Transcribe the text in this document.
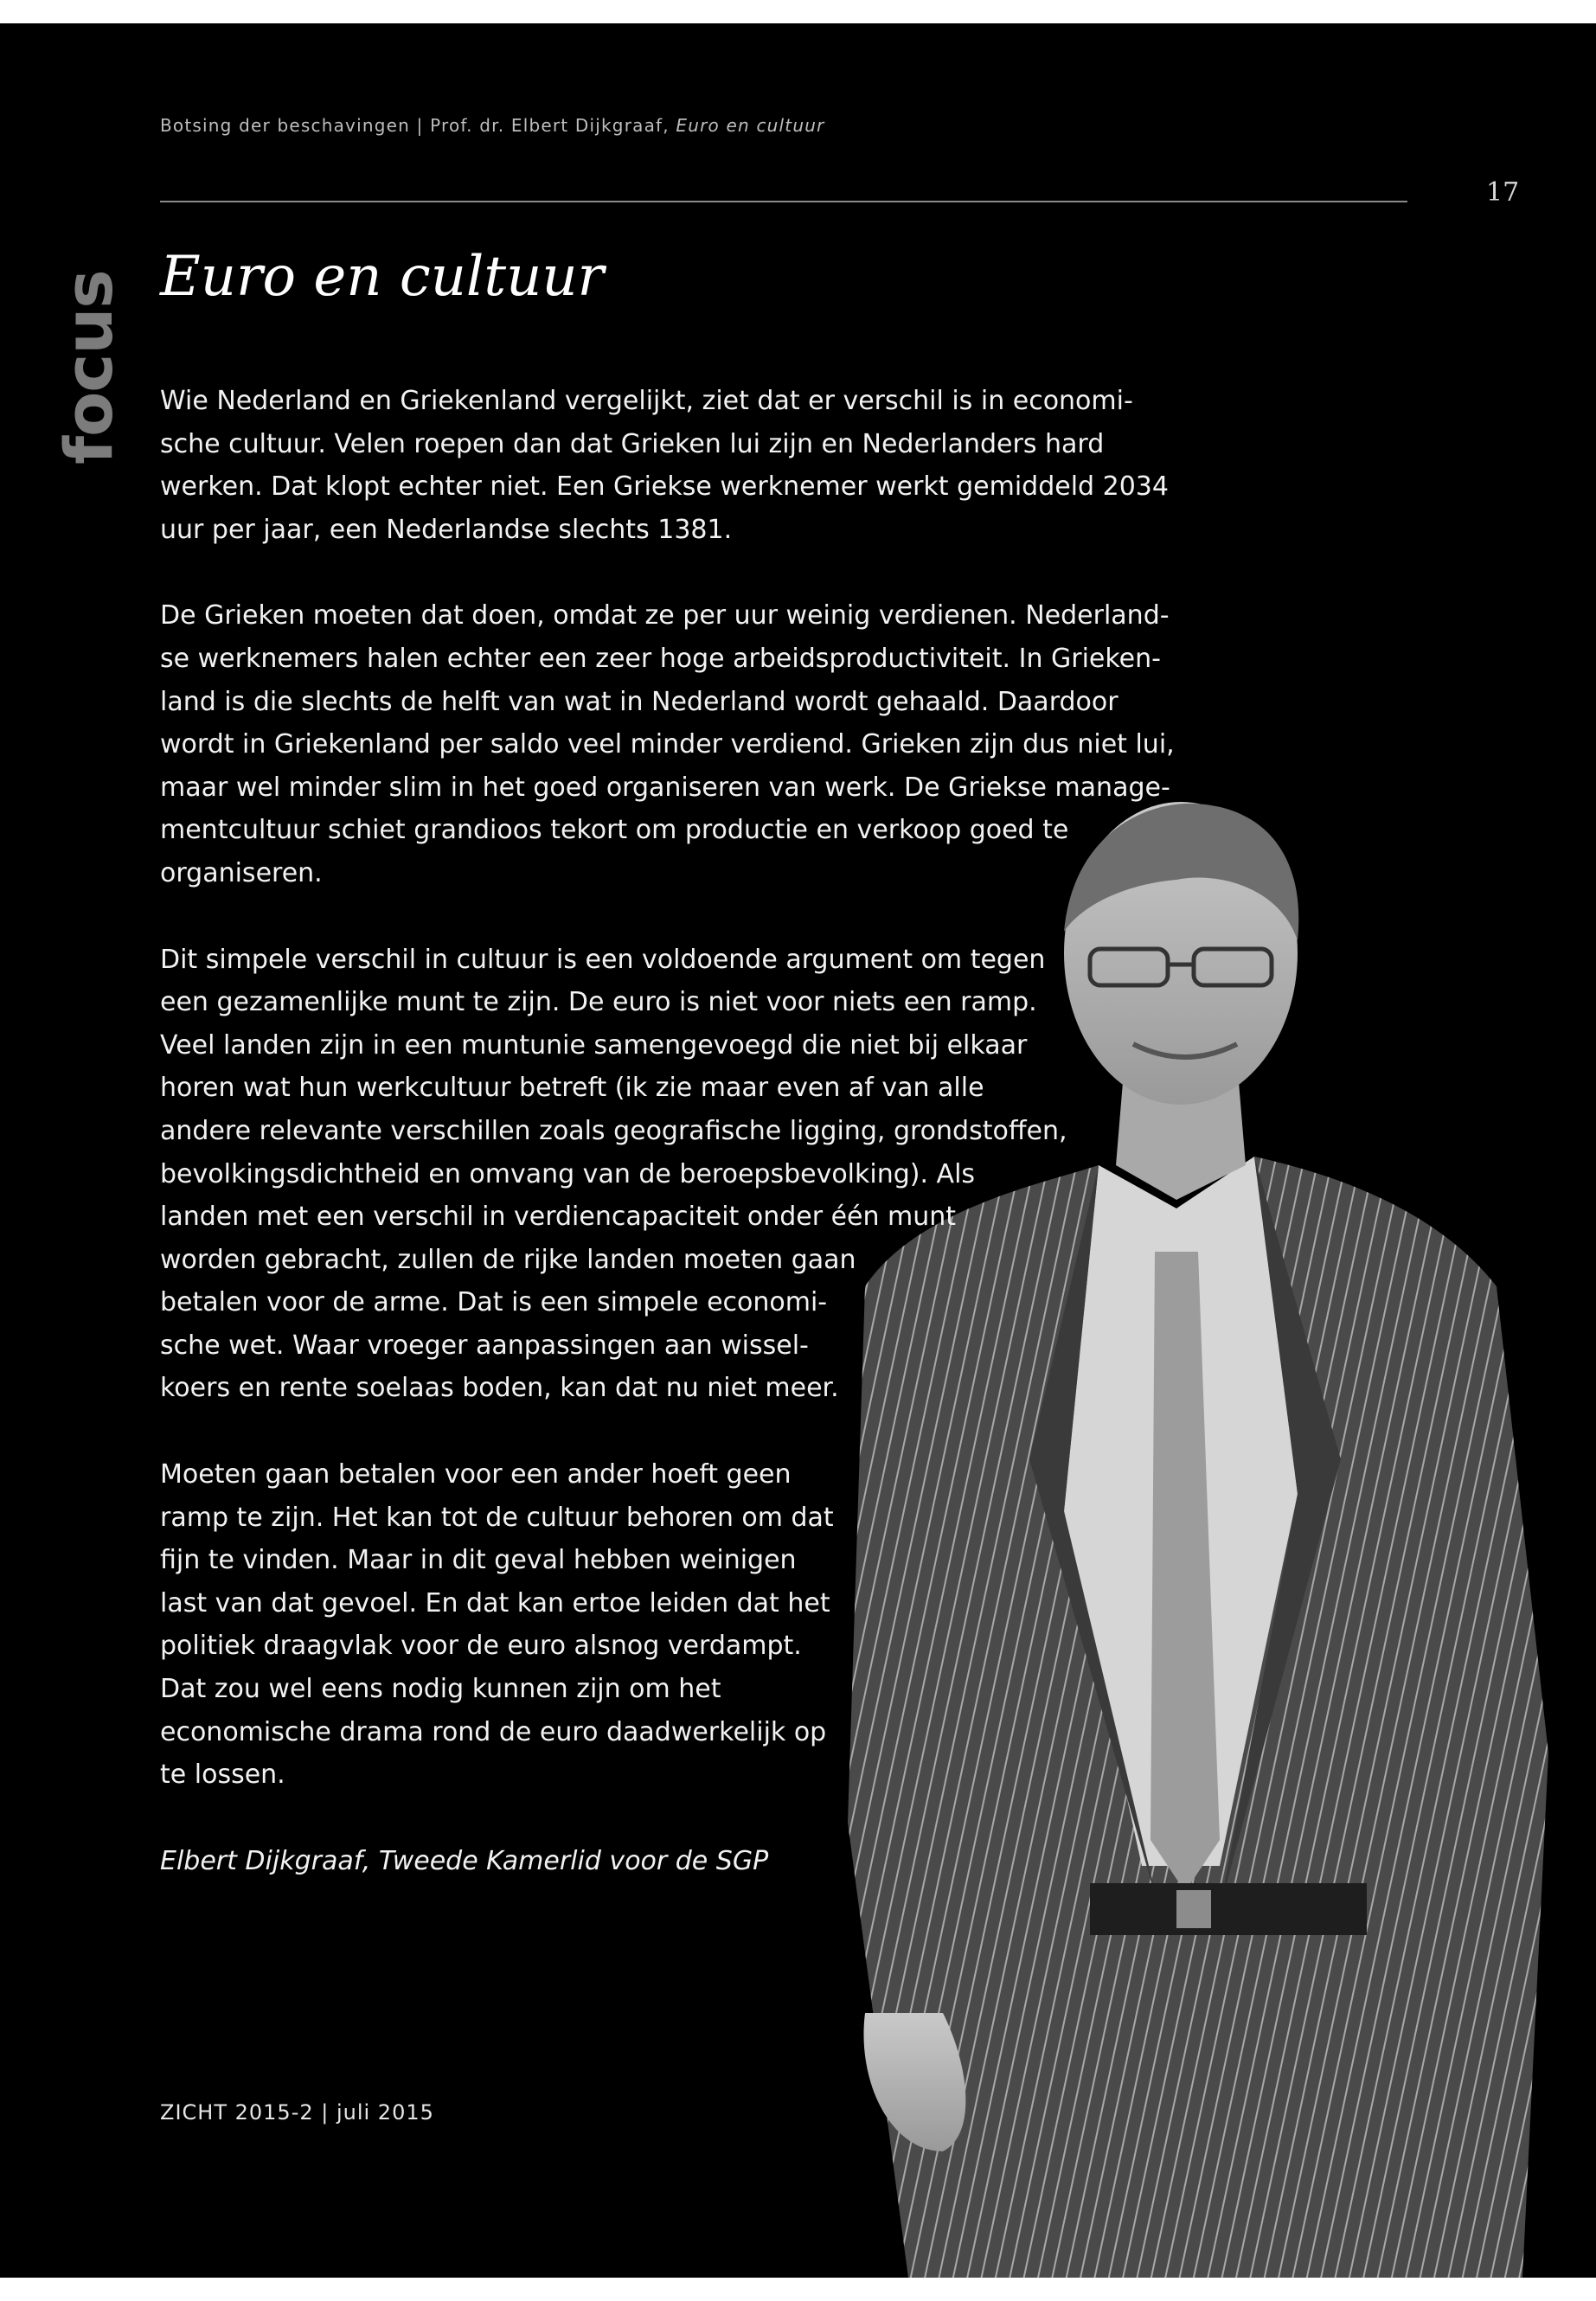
Botsing der beschavingen | Prof. dr. Elbert Dijkgraaf, Euro en cultuur
17
focus Euro en cultuur

Wie Nederland en Griekenland vergelijkt, ziet dat er verschil is in economi-
sche cultuur. Velen roepen dan dat Grieken lui zijn en Nederlanders hard
werken. Dat klopt echter niet. Een Griekse werknemer werkt gemiddeld 2034
uur per jaar, een Nederlandse slechts 1381.

De Grieken moeten dat doen, omdat ze per uur weinig verdienen. Nederland-
se werknemers halen echter een zeer hoge arbeidsproductiviteit. In Grieken-
land is die slechts de helft van wat in Nederland wordt gehaald. Daardoor
wordt in Griekenland per saldo veel minder verdiend. Grieken zijn dus niet lui,
maar wel minder slim in het goed organiseren van werk. De Griekse manage-
mentcultuur schiet grandioos tekort om productie en verkoop goed te
organiseren.

Dit simpele verschil in cultuur is een voldoende argument om tegen
een gezamenlijke munt te zijn. De euro is niet voor niets een ramp.
Veel landen zijn in een muntunie samengevoegd die niet bij elkaar
horen wat hun werkcultuur betreft (ik zie maar even af van alle
andere relevante verschillen zoals geografische ligging, grondstoffen,
bevolkingsdichtheid en omvang van de beroepsbevolking). Als
landen met een verschil in verdiencapaciteit onder één munt
worden gebracht, zullen de rijke landen moeten gaan
betalen voor de arme. Dat is een simpele economi-
sche wet. Waar vroeger aanpassingen aan wissel-
koers en rente soelaas boden, kan dat nu niet meer.

Moeten gaan betalen voor een ander hoeft geen
ramp te zijn. Het kan tot de cultuur behoren om dat
fijn te vinden. Maar in dit geval hebben weinigen
last van dat gevoel. En dat kan ertoe leiden dat het
politiek draagvlak voor de euro alsnog verdampt.
Dat zou wel eens nodig kunnen zijn om het
economische drama rond de euro daadwerkelijk op
te lossen.

Elbert Dijkgraaf, Tweede Kamerlid voor de SGP

ZICHT 2015-2 | juli 2015
